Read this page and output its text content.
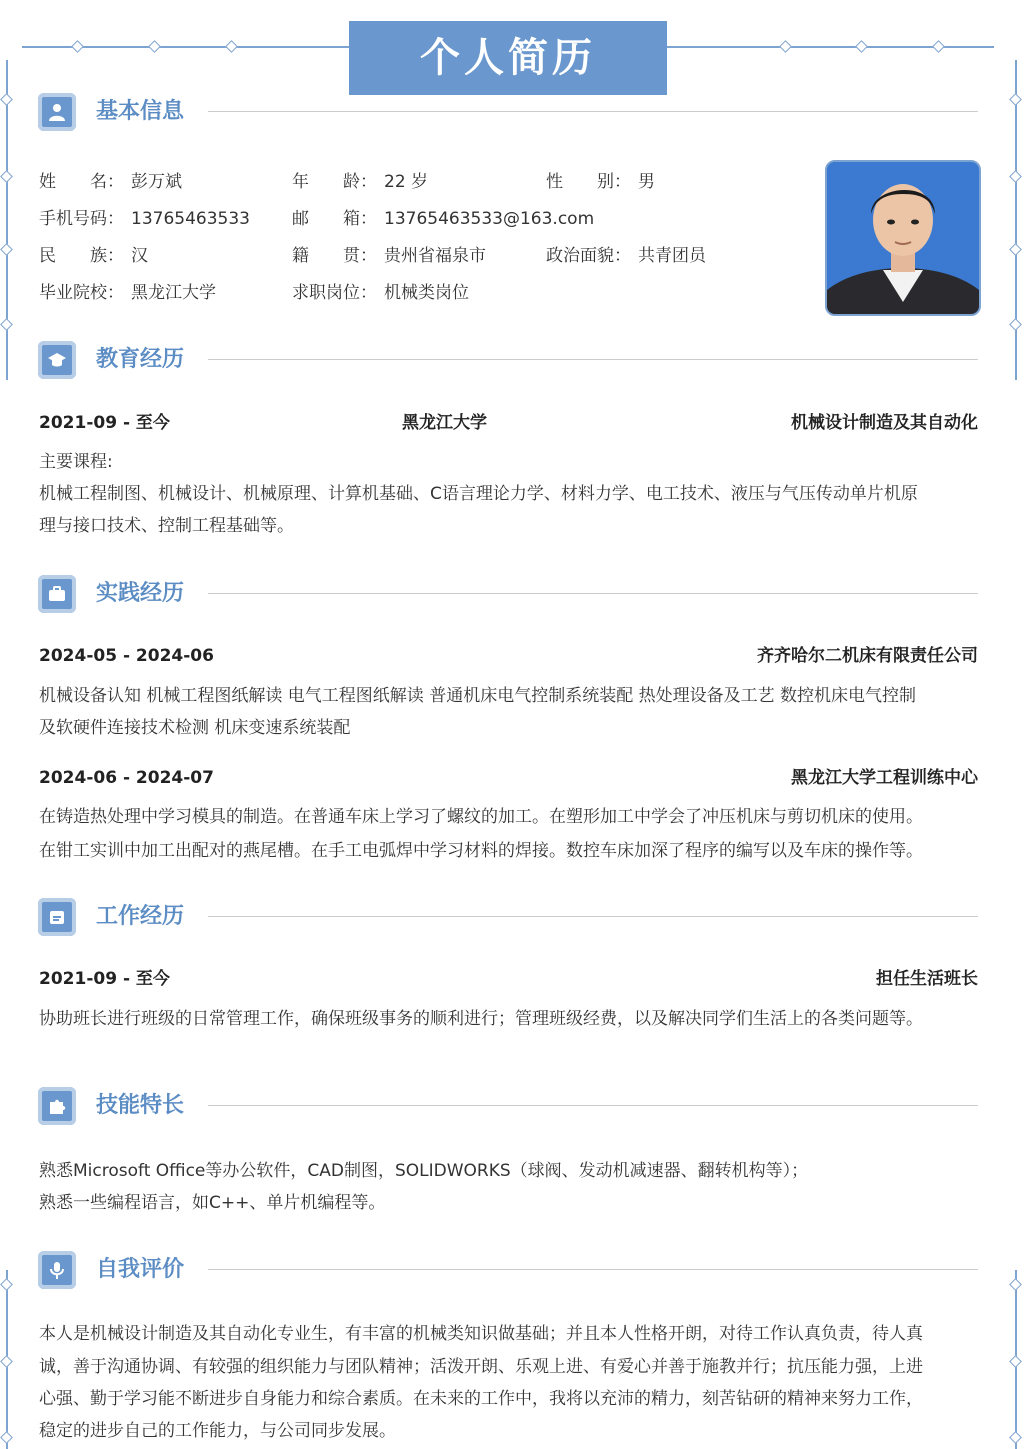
个人简历
基本信息
姓　　名： 彭万斌	年　　龄： 22 岁	性　　别： 男
手机号码： 13765463533 邮　　箱： 13765463533@163.com
民　　族： 汉	籍　　贯： 贵州省福泉市	政治面貌： 共青团员
毕业院校： 黑龙江大学	求职岗位： 机械类岗位
教育经历
2021-09 - 至今	黑龙江大学	机械设计制造及其自动化
主要课程:
机械工程制图、机械设计、机械原理、计算机基础、C语言理论力学、材料力学、电工技术、液压与气压传动单片机原
理与接口技术、控制工程基础等。
实践经历
2024-05 - 2024-06	齐齐哈尔二机床有限责任公司
机械设备认知 机械工程图纸解读 电气工程图纸解读 普通机床电气控制系统装配 热处理设备及工艺 数控机床电气控制
及软硬件连接技术检测 机床变速系统装配
2024-06 - 2024-07	黑龙江大学工程训练中心
在铸造热处理中学习模具的制造。在普通车床上学习了螺纹的加工。在塑形加工中学会了冲压机床与剪切机床的使用。
在钳工实训中加工出配对的燕尾槽。在手工电弧焊中学习材料的焊接。数控车床加深了程序的编写以及车床的操作等。
工作经历
2021-09 - 至今	担任生活班长
协助班长进行班级的日常管理工作，确保班级事务的顺利进行；管理班级经费，以及解决同学们生活上的各类问题等。
技能特长
熟悉Microsoft Office等办公软件，CAD制图，SOLIDWORKS（球阀、发动机减速器、翻转机构等）；
熟悉一些编程语言，如C++、单片机编程等。
自我评价
本人是机械设计制造及其自动化专业生，有丰富的机械类知识做基础；并且本人性格开朗，对待工作认真负责，待人真
诚，善于沟通协调、有较强的组织能力与团队精神；活泼开朗、乐观上进、有爱心并善于施教并行；抗压能力强，上进
心强、勤于学习能不断进步自身能力和综合素质。在未来的工作中，我将以充沛的精力，刻苦钻研的精神来努力工作，
稳定的进步自己的工作能力，与公司同步发展。
